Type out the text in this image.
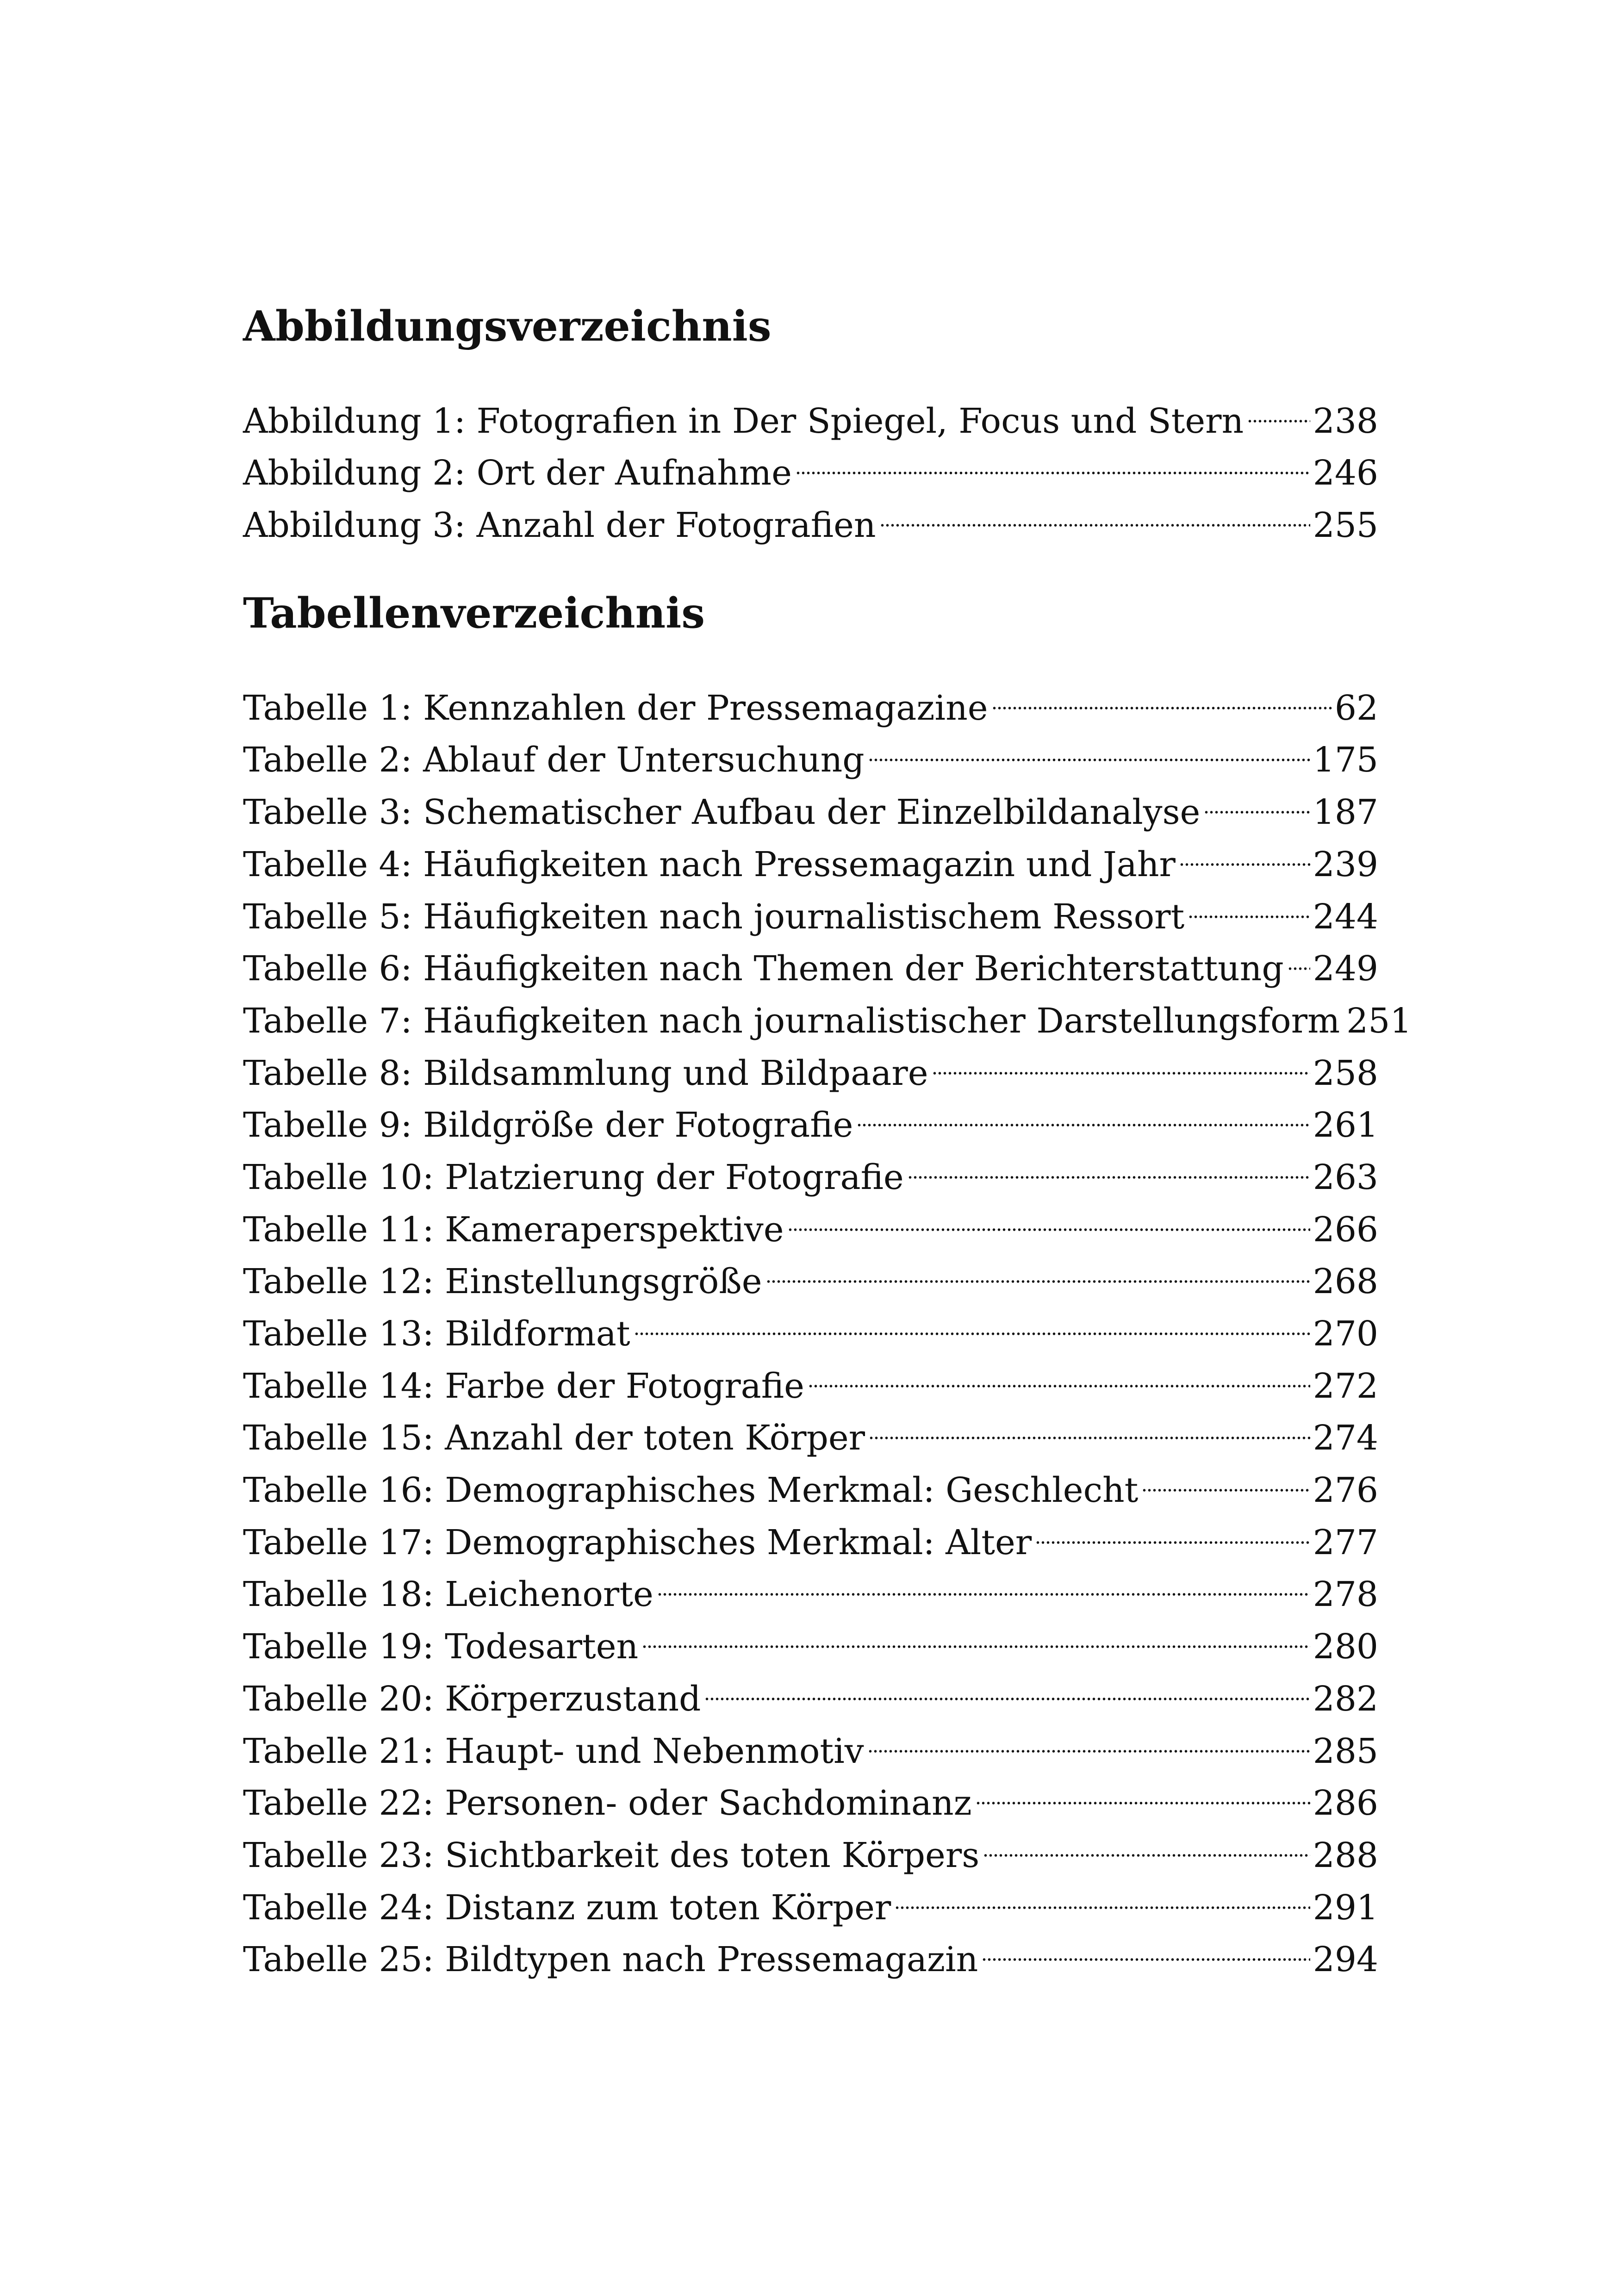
Abbildungsverzeichnis
Abbildung 1: Fotografien in Der Spiegel, Focus und Stern 238
Abbildung 2: Ort der Aufnahme	246
Abbildung 3: Anzahl der Fotografien	255
Tabellenverzeichnis
Tabelle 1: Kennzahlen der Pressemagazine	62
Tabelle 2: Ablauf der Untersuchung	175
Tabelle 3: Schematischer Aufbau der Einzelbildanalyse	187
Tabelle 4: Häufigkeiten nach Pressemagazin und Jahr	239
Tabelle 5: Häufigkeiten nach journalistischem Ressort	244
Tabelle 6: Häufigkeiten nach Themen der Berichterstattung 249
Tabelle 7: Häufigkeiten nach journalistischer Darstellungsform 251
Tabelle 8: Bildsammlung und Bildpaare	258
Tabelle 9: Bildgröße der Fotografie	261
Tabelle 10: Platzierung der Fotografie	263
Tabelle 11: Kameraperspektive	266
Tabelle 12: Einstellungsgröße	268
Tabelle 13: Bildformat	270
Tabelle 14: Farbe der Fotografie	272
Tabelle 15: Anzahl der toten Körper	274
Tabelle 16: Demographisches Merkmal: Geschlecht	276
Tabelle 17: Demographisches Merkmal: Alter	277
Tabelle 18: Leichenorte	278
Tabelle 19: Todesarten	280
Tabelle 20: Körperzustand	282
Tabelle 21: Haupt- und Nebenmotiv	285
Tabelle 22: Personen- oder Sachdominanz	286
Tabelle 23: Sichtbarkeit des toten Körpers	288
Tabelle 24: Distanz zum toten Körper	291
Tabelle 25: Bildtypen nach Pressemagazin	294
